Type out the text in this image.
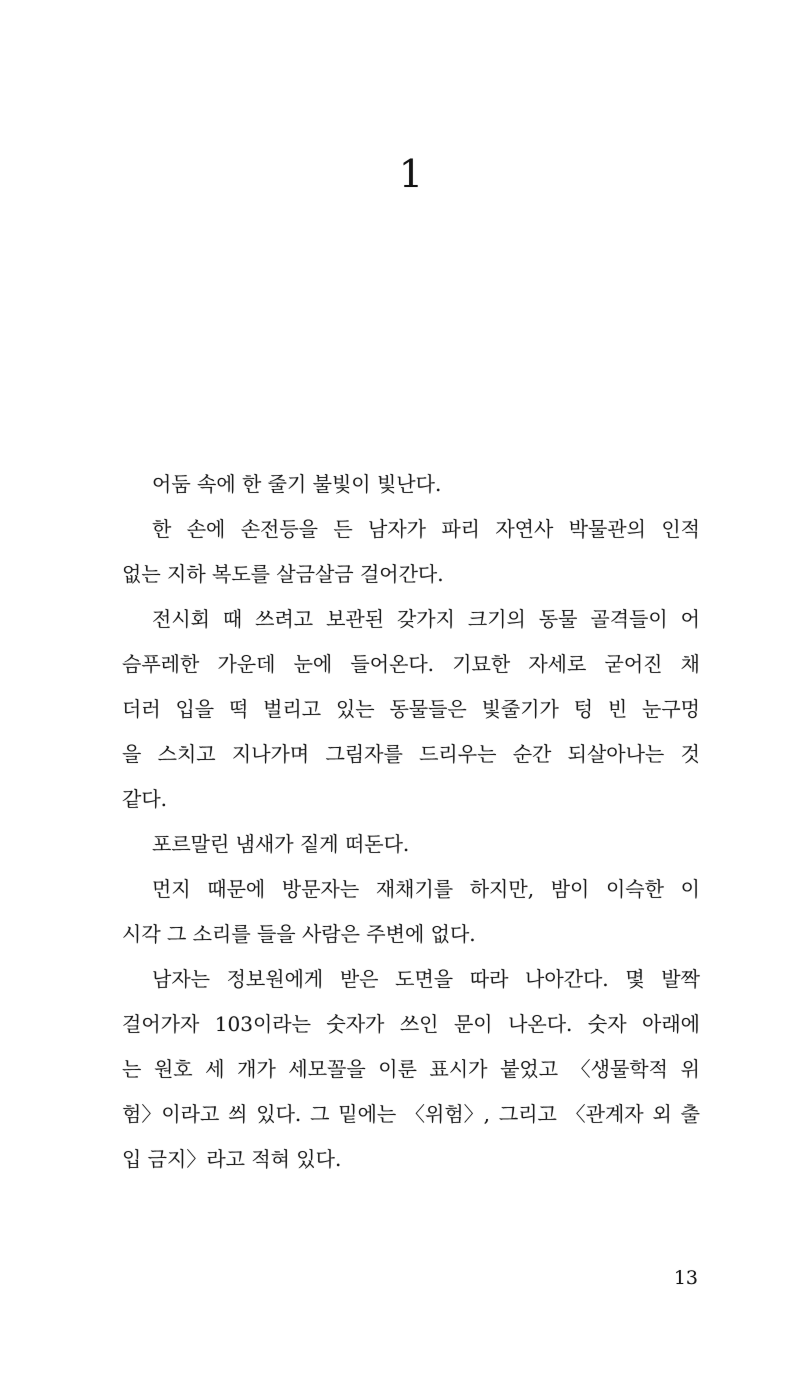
1
어둠 속에 한 줄기 불빛이 빛난다.
한 손에 손전등을 든 남자가 파리 자연사 박물관의 인적
없는 지하 복도를 살금살금 걸어간다.
전시회 때 쓰려고 보관된 갖가지 크기의 동물 골격들이 어
슴푸레한 가운데 눈에 들어온다. 기묘한 자세로 굳어진 채
더러 입을 떡 벌리고 있는 동물들은 빛줄기가 텅 빈 눈구멍
을 스치고 지나가며 그림자를 드리우는 순간 되살아나는 것
같다.
포르말린 냄새가 짙게 떠돈다.
먼지 때문에 방문자는 재채기를 하지만, 밤이 이슥한 이
시각 그 소리를 들을 사람은 주변에 없다.
남자는 정보원에게 받은 도면을 따라 나아간다. 몇 발짝
걸어가자 103이라는 숫자가 쓰인 문이 나온다. 숫자 아래에
는 원호 세 개가 세모꼴을 이룬 표시가 붙었고 〈생물학적 위
험〉이라고 씌 있다. 그 밑에는 〈위험〉, 그리고 〈관계자 외 출
입 금지〉라고 적혀 있다.
13
